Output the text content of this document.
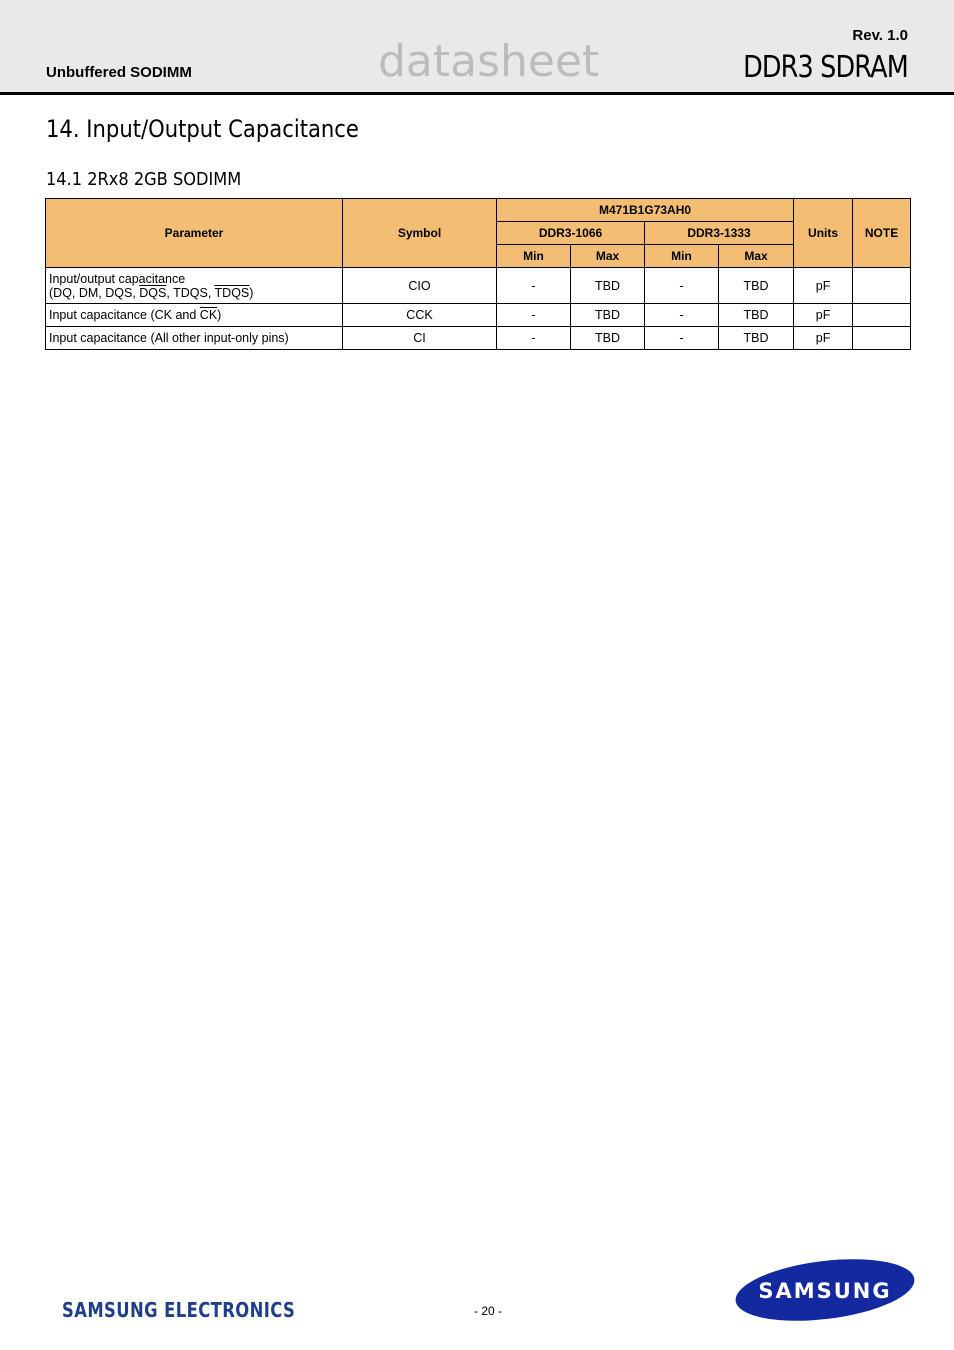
Unbuffered SODIMM	datasheet
Rev. 1.0
DDR3 SDRAM
14. Input/Output Capacitance
14.1 2Rx8 2GB SODIMM
Parameter	Symbol	M471B1G73AH0				Units	NOTE
		DDR3-1066		DDR3-1333			
		Min	Max	Min	Max		
Input/output capacitance
(DQ, DM, DQS, $\overline{DQS}$, TDQS, TDQS)	CIO	-	TBD	-	TBD	pF	
Input capacitance (CK and $\overline{CK}$)	CCK	-	TBD	-	TBD	pF	
Input capacitance (All other input-only pins)	CI	-	TBD	-	TBD	pF	
SAMSUNG ELECTRONICS	- 20 -
SAMSUNG
